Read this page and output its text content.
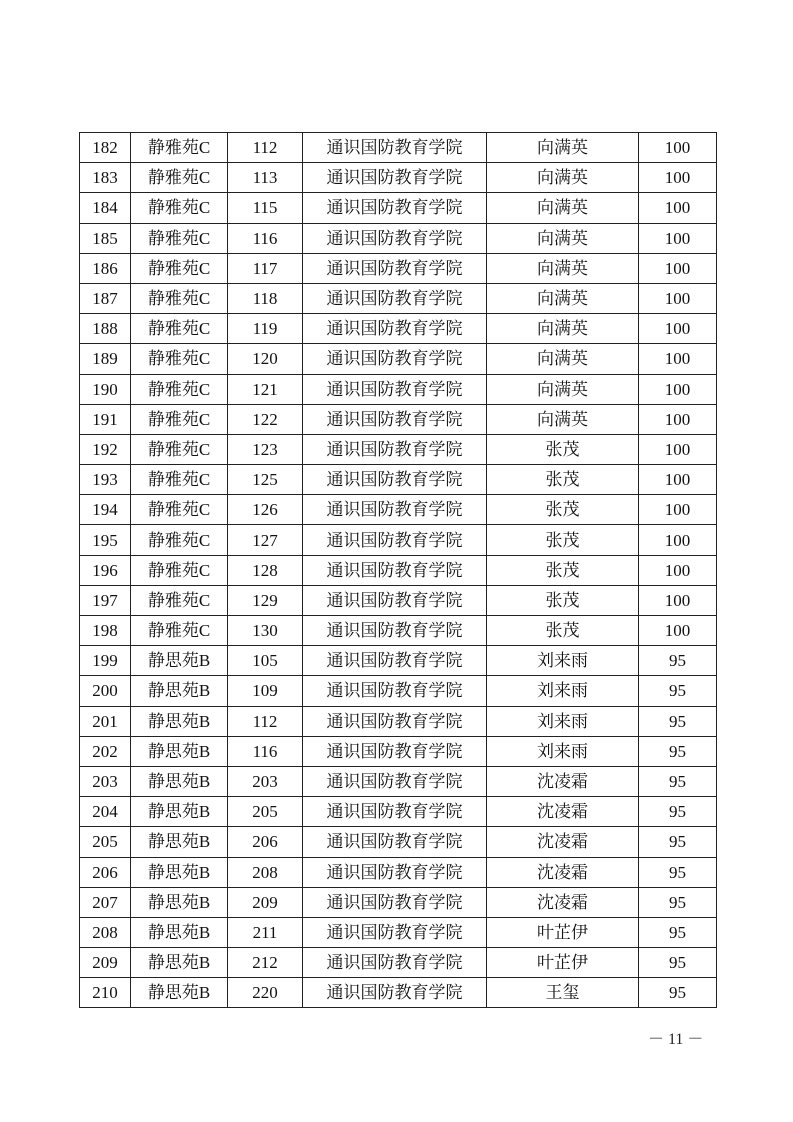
182	静雅苑C	112	通识国防教育学院	向满英	100
183	静雅苑C	113	通识国防教育学院	向满英	100
184	静雅苑C	115	通识国防教育学院	向满英	100
185	静雅苑C	116	通识国防教育学院	向满英	100
186	静雅苑C	117	通识国防教育学院	向满英	100
187	静雅苑C	118	通识国防教育学院	向满英	100
188	静雅苑C	119	通识国防教育学院	向满英	100
189	静雅苑C	120	通识国防教育学院	向满英	100
190	静雅苑C	121	通识国防教育学院	向满英	100
191	静雅苑C	122	通识国防教育学院	向满英	100
192	静雅苑C	123	通识国防教育学院	张茂	100
193	静雅苑C	125	通识国防教育学院	张茂	100
194	静雅苑C	126	通识国防教育学院	张茂	100
195	静雅苑C	127	通识国防教育学院	张茂	100
196	静雅苑C	128	通识国防教育学院	张茂	100
197	静雅苑C	129	通识国防教育学院	张茂	100
198	静雅苑C	130	通识国防教育学院	张茂	100
199	静思苑B	105	通识国防教育学院	刘来雨	95
200	静思苑B	109	通识国防教育学院	刘来雨	95
201	静思苑B	112	通识国防教育学院	刘来雨	95
202	静思苑B	116	通识国防教育学院	刘来雨	95
203	静思苑B	203	通识国防教育学院	沈凌霜	95
204	静思苑B	205	通识国防教育学院	沈凌霜	95
205	静思苑B	206	通识国防教育学院	沈凌霜	95
206	静思苑B	208	通识国防教育学院	沈凌霜	95
207	静思苑B	209	通识国防教育学院	沈凌霜	95
208	静思苑B	211	通识国防教育学院	叶芷伊	95
209	静思苑B	212	通识国防教育学院	叶芷伊	95
210	静思苑B	220	通识国防教育学院	王玺	95
－ 11 －
